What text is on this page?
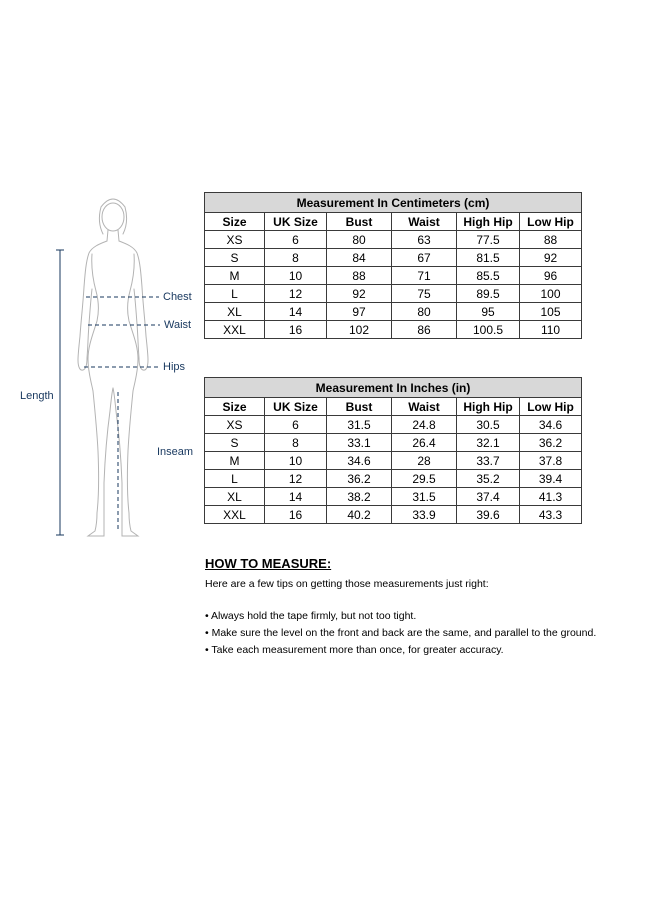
Chest
Waist
Hips
Length
Inseam
Measurement In Centimeters (cm)					
Size	UK Size	Bust	Waist	High Hip	Low Hip
XS	6	80	63	77.5	88
S	8	84	67	81.5	92
M	10	88	71	85.5	96
L	12	92	75	89.5	100
XL	14	97	80	95	105
XXL	16	102	86	100.5	110
Measurement In Inches (in)					
Size	UK Size	Bust	Waist	High Hip	Low Hip
XS	6	31.5	24.8	30.5	34.6
S	8	33.1	26.4	32.1	36.2
M	10	34.6	28	33.7	37.8
L	12	36.2	29.5	35.2	39.4
XL	14	38.2	31.5	37.4	41.3
XXL	16	40.2	33.9	39.6	43.3
HOW TO MEASURE:
Here are a few tips on getting those measurements just right:
• Always hold the tape firmly, but not too tight.
• Make sure the level on the front and back are the same, and parallel to the ground.
• Take each measurement more than once, for greater accuracy.
